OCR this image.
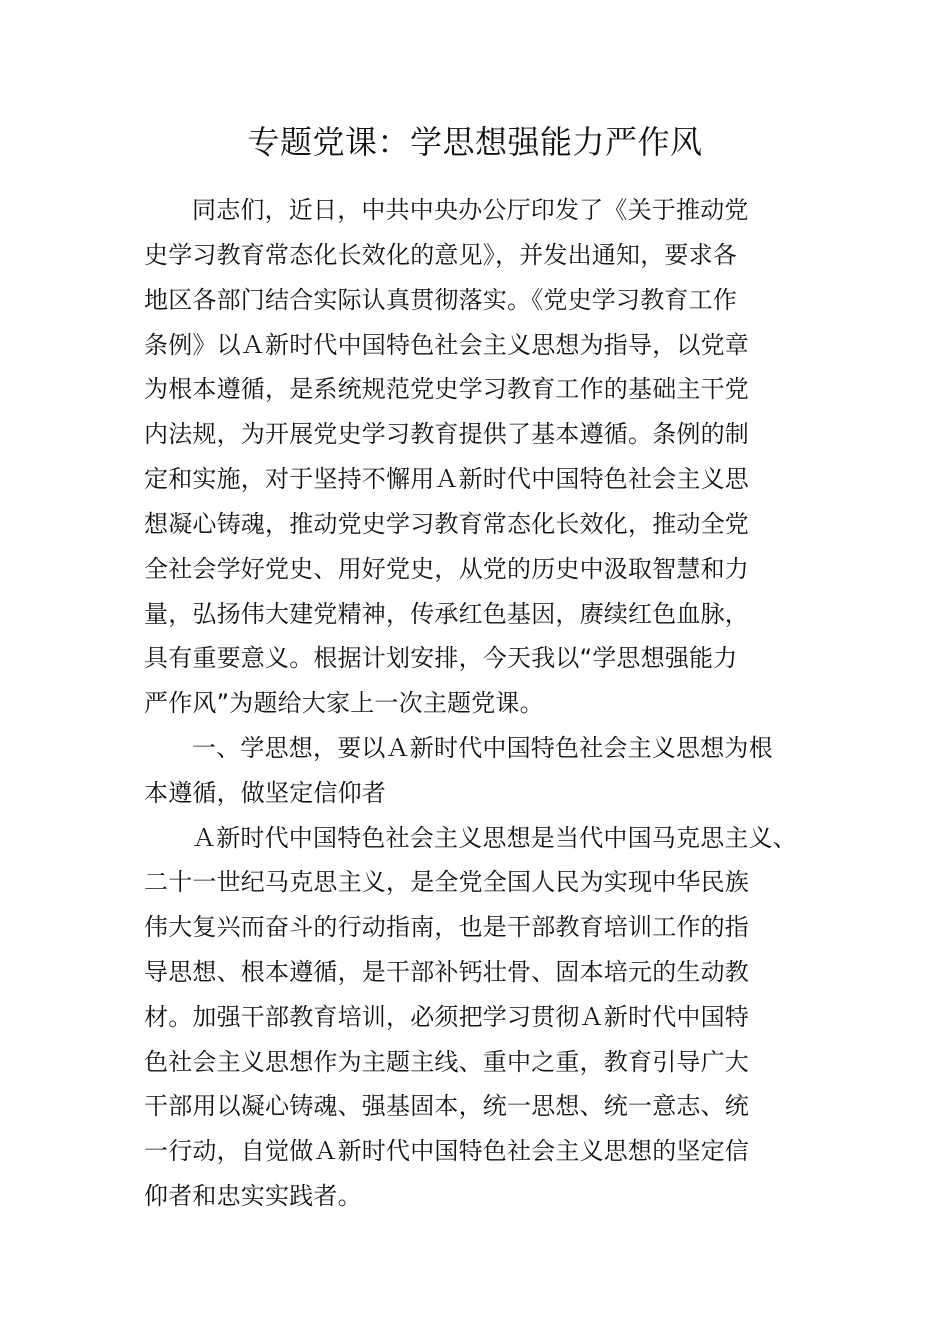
专题党课：学思想强能力严作风
同志们，近日，中共中央办公厅印发了《关于推动党
史学习教育常态化长效化的意见》，并发出通知，要求各
地区各部门结合实际认真贯彻落实。《党史学习教育工作
条例》以Ａ新时代中国特色社会主义思想为指导，以党章
为根本遵循，是系统规范党史学习教育工作的基础主干党
内法规，为开展党史学习教育提供了基本遵循。条例的制
定和实施，对于坚持不懈用Ａ新时代中国特色社会主义思
想凝心铸魂，推动党史学习教育常态化长效化，推动全党
全社会学好党史、用好党史，从党的历史中汲取智慧和力
量，弘扬伟大建党精神，传承红色基因，赓续红色血脉，
具有重要意义。根据计划安排，今天我以“学思想强能力
严作风”为题给大家上一次主题党课。
一、学思想，要以Ａ新时代中国特色社会主义思想为根
本遵循，做坚定信仰者
Ａ新时代中国特色社会主义思想是当代中国马克思主义、
二十一世纪马克思主义，是全党全国人民为实现中华民族
伟大复兴而奋斗的行动指南，也是干部教育培训工作的指
导思想、根本遵循，是干部补钙壮骨、固本培元的生动教
材。加强干部教育培训，必须把学习贯彻Ａ新时代中国特
色社会主义思想作为主题主线、重中之重，教育引导广大
干部用以凝心铸魂、强基固本，统一思想、统一意志、统
一行动，自觉做Ａ新时代中国特色社会主义思想的坚定信
仰者和忠实实践者。
